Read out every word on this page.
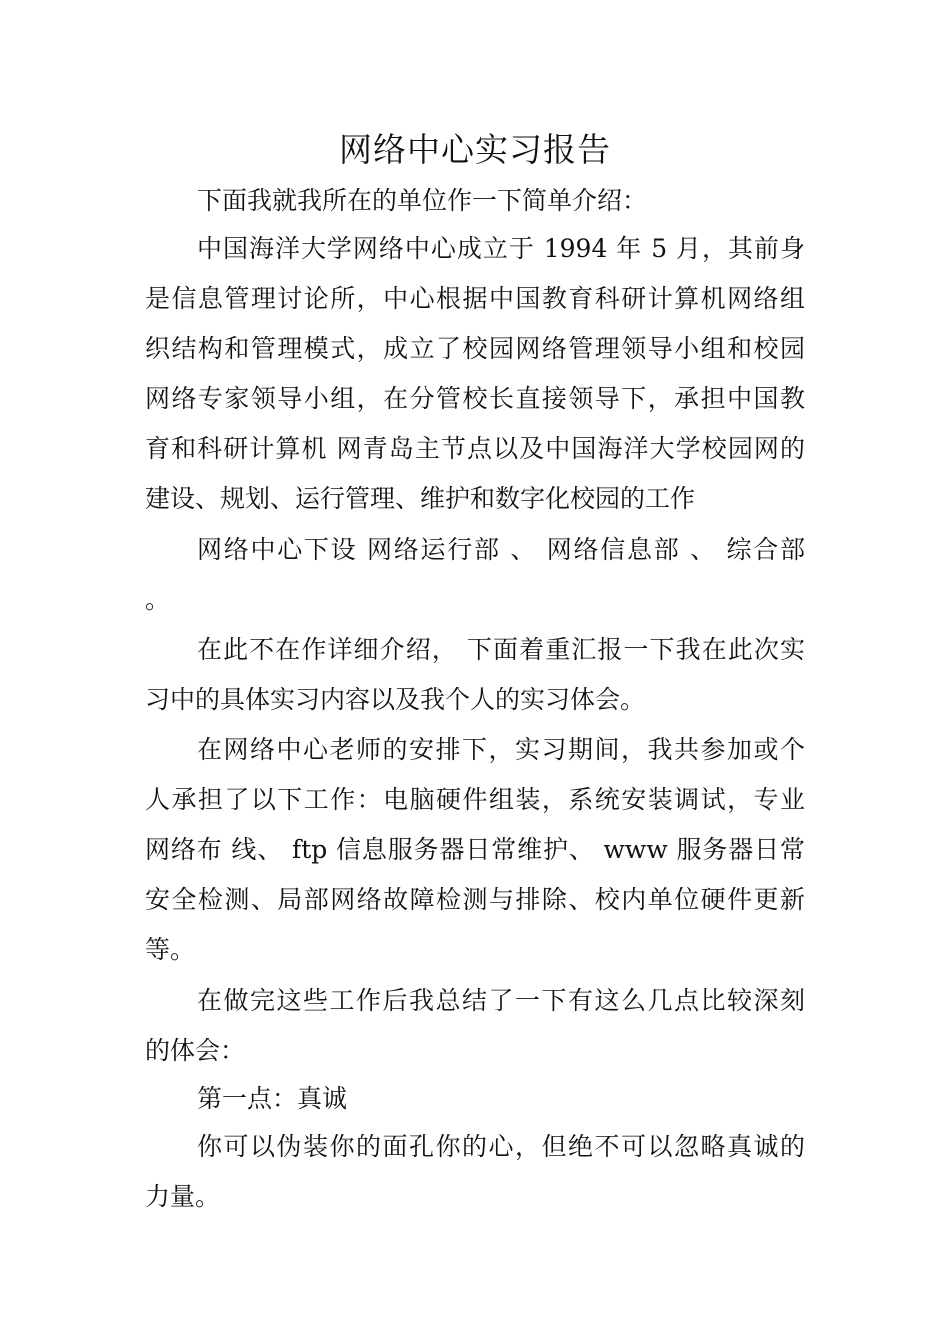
网络中心实习报告
下面我就我所在的单位作一下简单介绍：
中国海洋大学网络中心成立于 1994 年 5 月，其前身
是信息管理讨论所，中心根据中国教育科研计算机网络组
织结构和管理模式，成立了校园网络管理领导小组和校园
网络专家领导小组，在分管校长直接领导下，承担中国教
育和科研计算机 网青岛主节点以及中国海洋大学校园网的
建设、规划、运行管理、维护和数字化校园的工作
网络中心下设 网络运行部 、 网络信息部 、 综合部
。
在此不在作详细介绍， 下面着重汇报一下我在此次实
习中的具体实习内容以及我个人的实习体会。
在网络中心老师的安排下，实习期间，我共参加或个
人承担了以下工作：电脑硬件组装，系统安装调试，专业
网络布 线、 ftp 信息服务器日常维护、 www 服务器日常
安全检测、局部网络故障检测与排除、校内单位硬件更新
等。
在做完这些工作后我总结了一下有这么几点比较深刻
的体会：
第一点：真诚
你可以伪装你的面孔你的心，但绝不可以忽略真诚的
力量。
